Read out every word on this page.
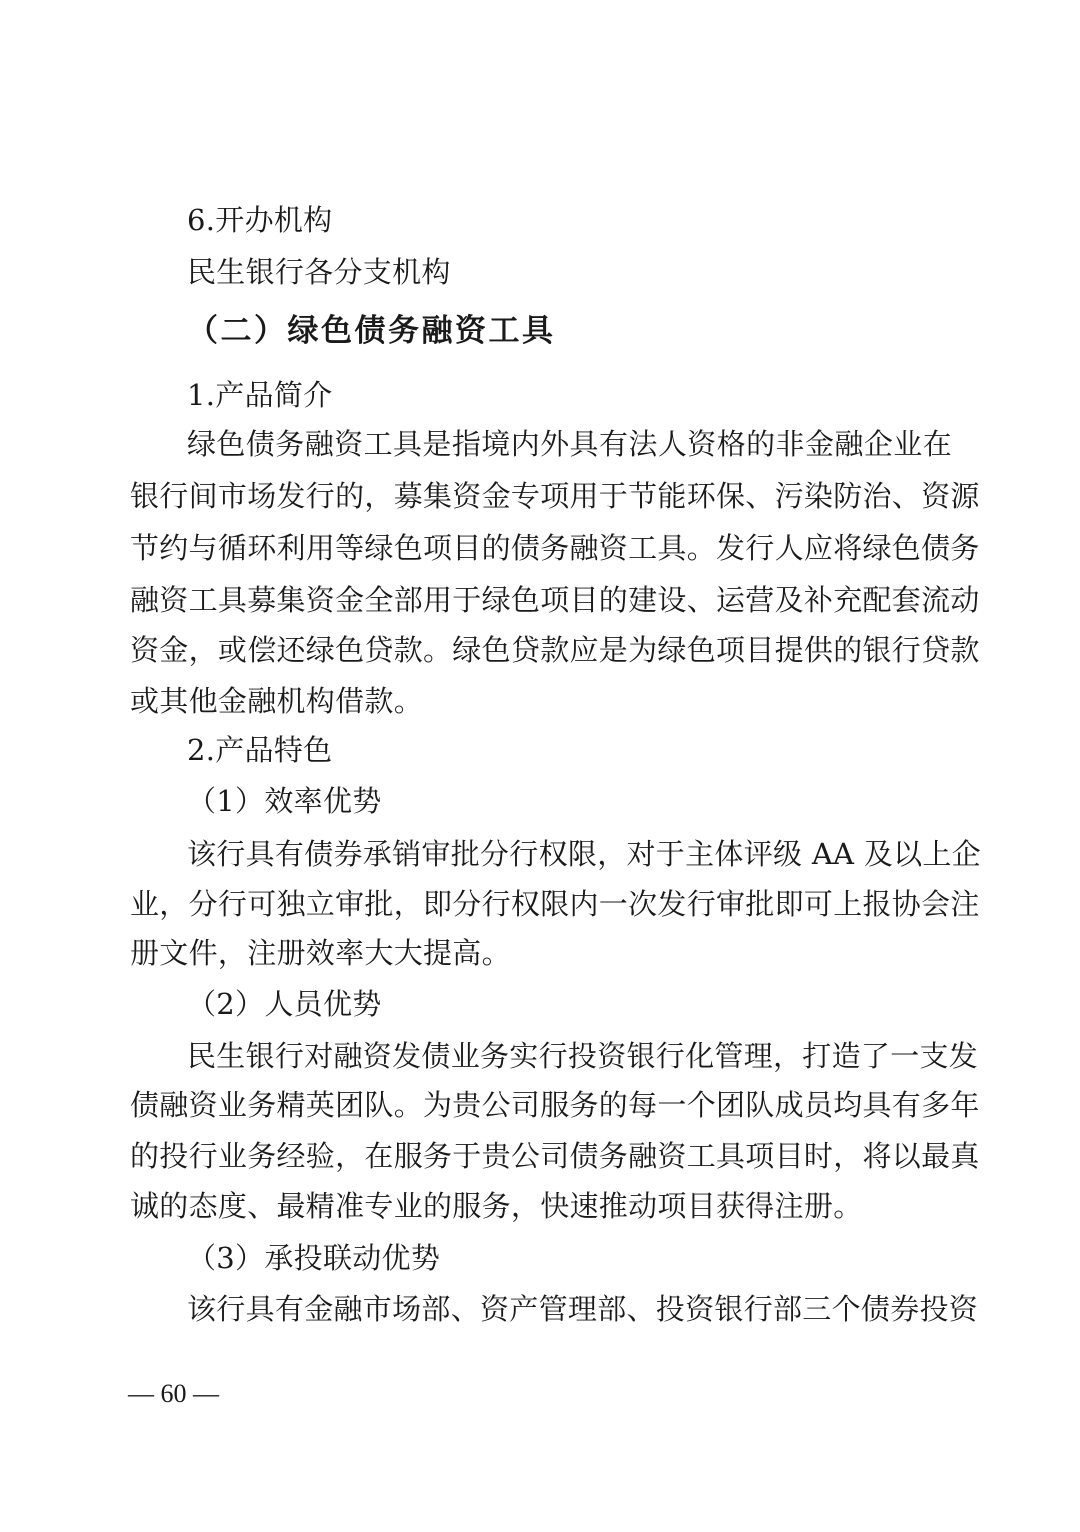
6.开办机构
民生银行各分支机构
（二）绿色债务融资工具
1.产品简介
绿色债务融资工具是指境内外具有法人资格的非金融企业在
银行间市场发行的，募集资金专项用于节能环保、污染防治、资源
节约与循环利用等绿色项目的债务融资工具。发行人应将绿色债务
融资工具募集资金全部用于绿色项目的建设、运营及补充配套流动
资金，或偿还绿色贷款。绿色贷款应是为绿色项目提供的银行贷款
或其他金融机构借款。
2.产品特色
（1）效率优势
该行具有债券承销审批分行权限，对于主体评级 AA 及以上企
业，分行可独立审批，即分行权限内一次发行审批即可上报协会注
册文件，注册效率大大提高。
（2）人员优势
民生银行对融资发债业务实行投资银行化管理，打造了一支发
债融资业务精英团队。为贵公司服务的每一个团队成员均具有多年
的投行业务经验，在服务于贵公司债务融资工具项目时，将以最真
诚的态度、最精准专业的服务，快速推动项目获得注册。
（3）承投联动优势
该行具有金融市场部、资产管理部、投资银行部三个债券投资
— 60 —
